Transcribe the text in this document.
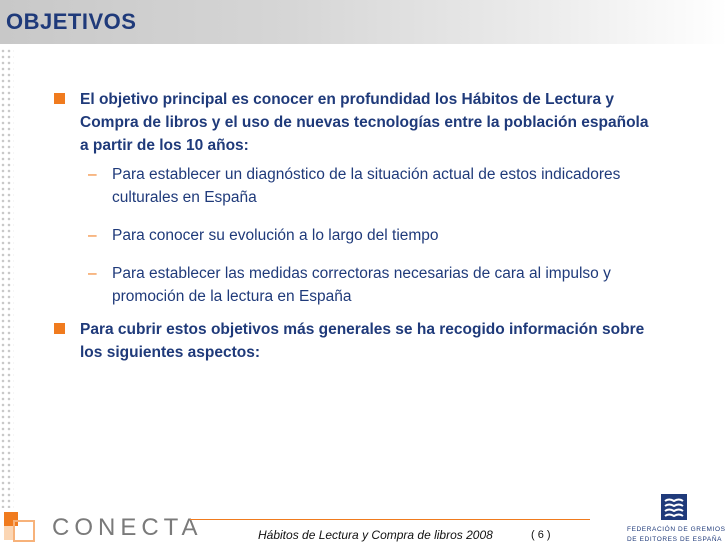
OBJETIVOS
El objetivo principal es conocer en profundidad los Hábitos de Lectura y Compra de libros y el uso de nuevas tecnologías entre la población española a partir de los 10 años:
– Para establecer un diagnóstico de la situación actual de estos indicadores culturales en España
– Para conocer su evolución a lo largo del tiempo
– Para establecer las medidas correctoras necesarias de cara al impulso y promoción de la lectura en España
Para cubrir estos objetivos más generales se ha recogido información sobre los siguientes aspectos:
CONECTA	Hábitos de Lectura y Compra de libros 2008	( 6 )	FEDERACIÓN DE GREMIOS
DE EDITORES DE ESPAÑA
